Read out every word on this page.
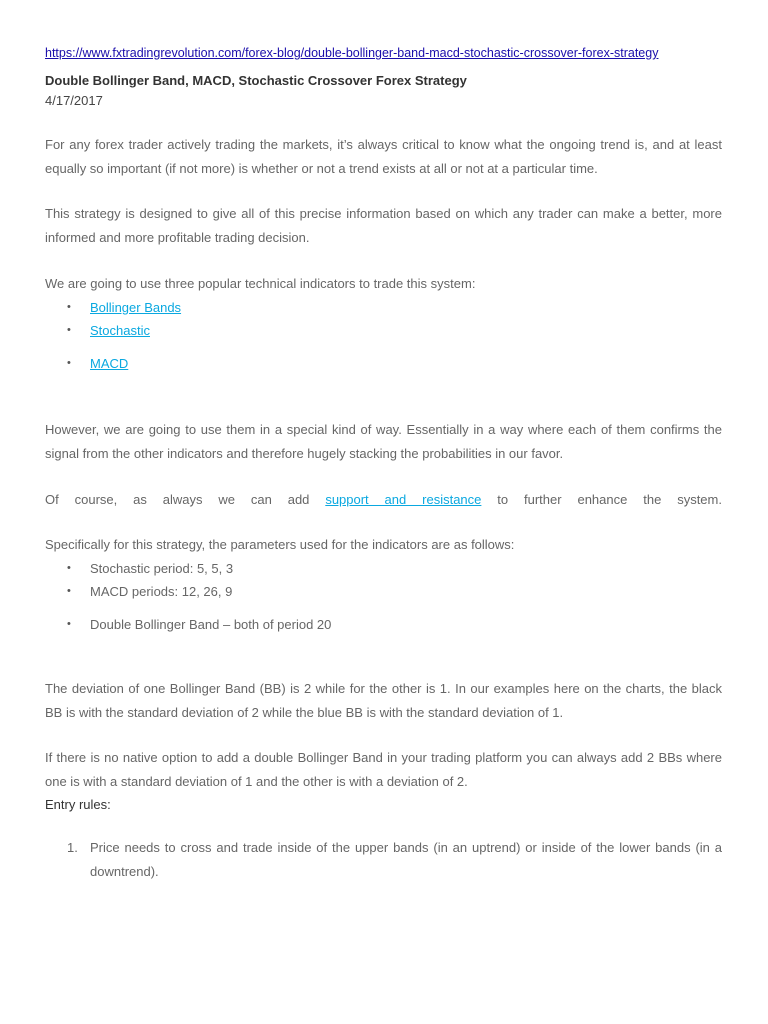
https://www.fxtradingrevolution.com/forex-blog/double-bollinger-band-macd-stochastic-crossover-forex-strategy
Double Bollinger Band, MACD, Stochastic Crossover Forex Strategy
4/17/2017

For any forex trader actively trading the markets, it’s always critical to know what the ongoing trend is, and at least equally so important (if not more) is whether or not a trend exists at all or not at a particular time.

This strategy is designed to give all of this precise information based on which any trader can make a better, more informed and more profitable trading decision.

We are going to use three popular technical indicators to trade this system:

• Bollinger Bands
• Stochastic
• MACD

However, we are going to use them in a special kind of way. Essentially in a way where each of them confirms the signal from the other indicators and therefore hugely stacking the probabilities in our favor.

Of course, as always we can add support and resistance to further enhance the system.

Specifically for this strategy, the parameters used for the indicators are as follows:

• Stochastic period: 5, 5, 3
• MACD periods: 12, 26, 9
• Double Bollinger Band – both of period 20

The deviation of one Bollinger Band (BB) is 2 while for the other is 1. In our examples here on the charts, the black BB is with the standard deviation of 2 while the blue BB is with the standard deviation of 1.

If there is no native option to add a double Bollinger Band in your trading platform you can always add 2 BBs where one is with a standard deviation of 1 and the other is with a deviation of 2.

Entry rules:
1. Price needs to cross and trade inside of the upper bands (in an uptrend) or inside of the lower bands (in a downtrend).
